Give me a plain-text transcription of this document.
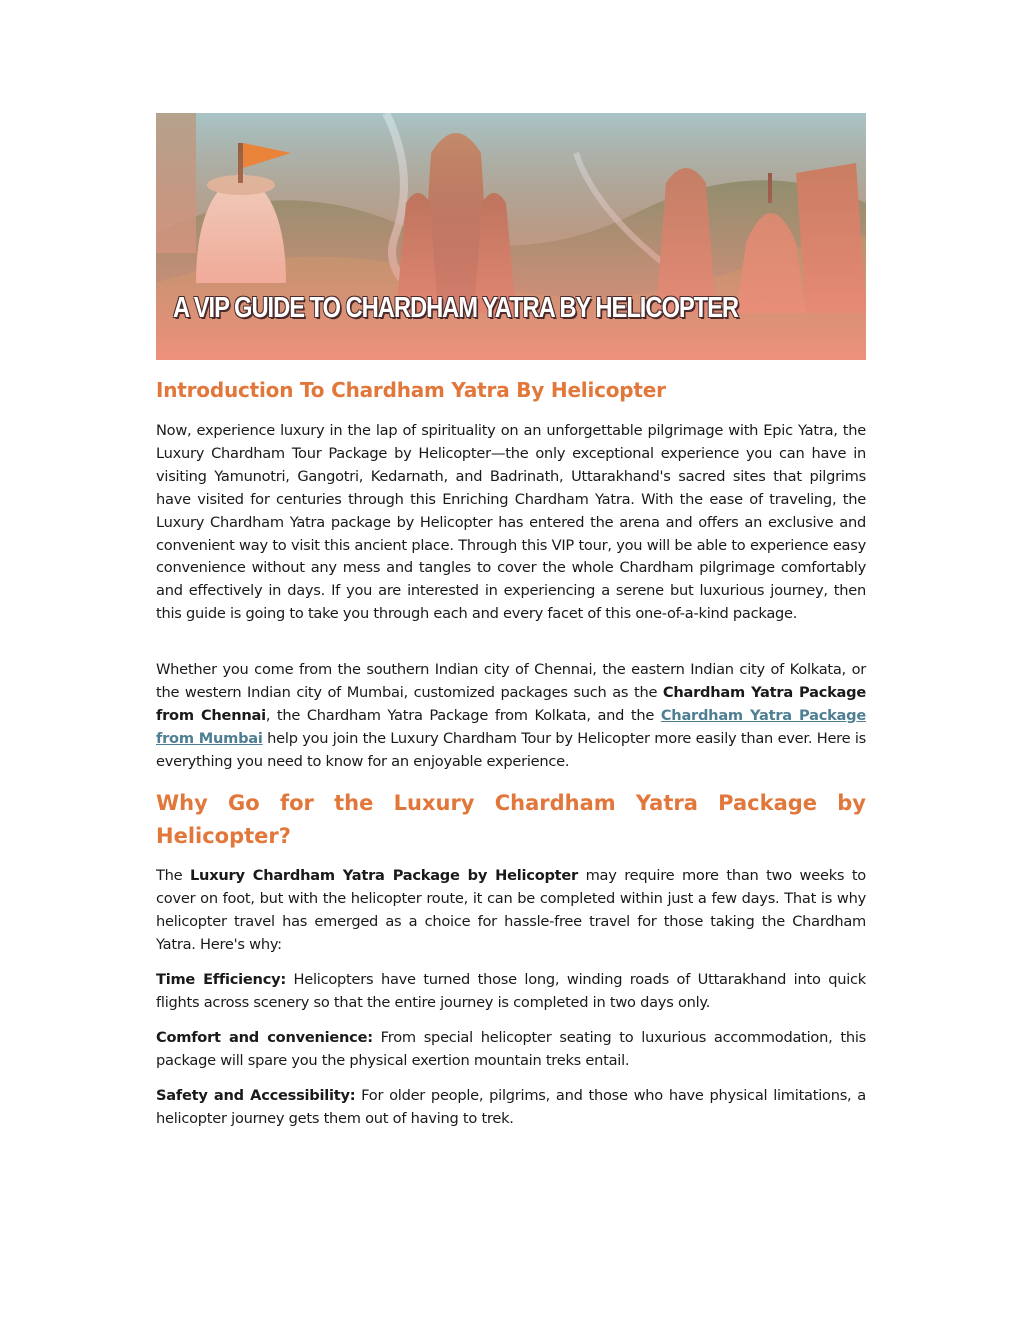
A VIP GUIDE TO CHARDHAM YATRA BY HELICOPTER
Introduction To Chardham Yatra By Helicopter

Now, experience luxury in the lap of spirituality on an unforgettable pilgrimage with Epic Yatra, the Luxury Chardham Tour Package by Helicopter—the only exceptional experience you can have in visiting Yamunotri, Gangotri, Kedarnath, and Badrinath, Uttarakhand's sacred sites that pilgrims have visited for centuries through this Enriching Chardham Yatra. With the ease of traveling, the Luxury Chardham Yatra package by Helicopter has entered the arena and offers an exclusive and convenient way to visit this ancient place. Through this VIP tour, you will be able to experience easy convenience without any mess and tangles to cover the whole Chardham pilgrimage comfortably and effectively in days. If you are interested in experiencing a serene but luxurious journey, then this guide is going to take you through each and every facet of this one-of-a-kind package.

Whether you come from the southern Indian city of Chennai, the eastern Indian city of Kolkata, or the western Indian city of Mumbai, customized packages such as the Chardham Yatra Package from Chennai, the Chardham Yatra Package from Kolkata, and the Chardham Yatra Package from Mumbai help you join the Luxury Chardham Tour by Helicopter more easily than ever. Here is everything you need to know for an enjoyable experience.

Why Go for the Luxury Chardham Yatra Package by
Helicopter?

The Luxury Chardham Yatra Package by Helicopter may require more than two weeks to cover on foot, but with the helicopter route, it can be completed within just a few days. That is why helicopter travel has emerged as a choice for hassle-free travel for those taking the Chardham Yatra. Here's why:

Time Efficiency: Helicopters have turned those long, winding roads of Uttarakhand into quick flights across scenery so that the entire journey is completed in two days only.

Comfort and convenience: From special helicopter seating to luxurious accommodation, this package will spare you the physical exertion mountain treks entail.

Safety and Accessibility: For older people, pilgrims, and those who have physical limitations, a helicopter journey gets them out of having to trek.
